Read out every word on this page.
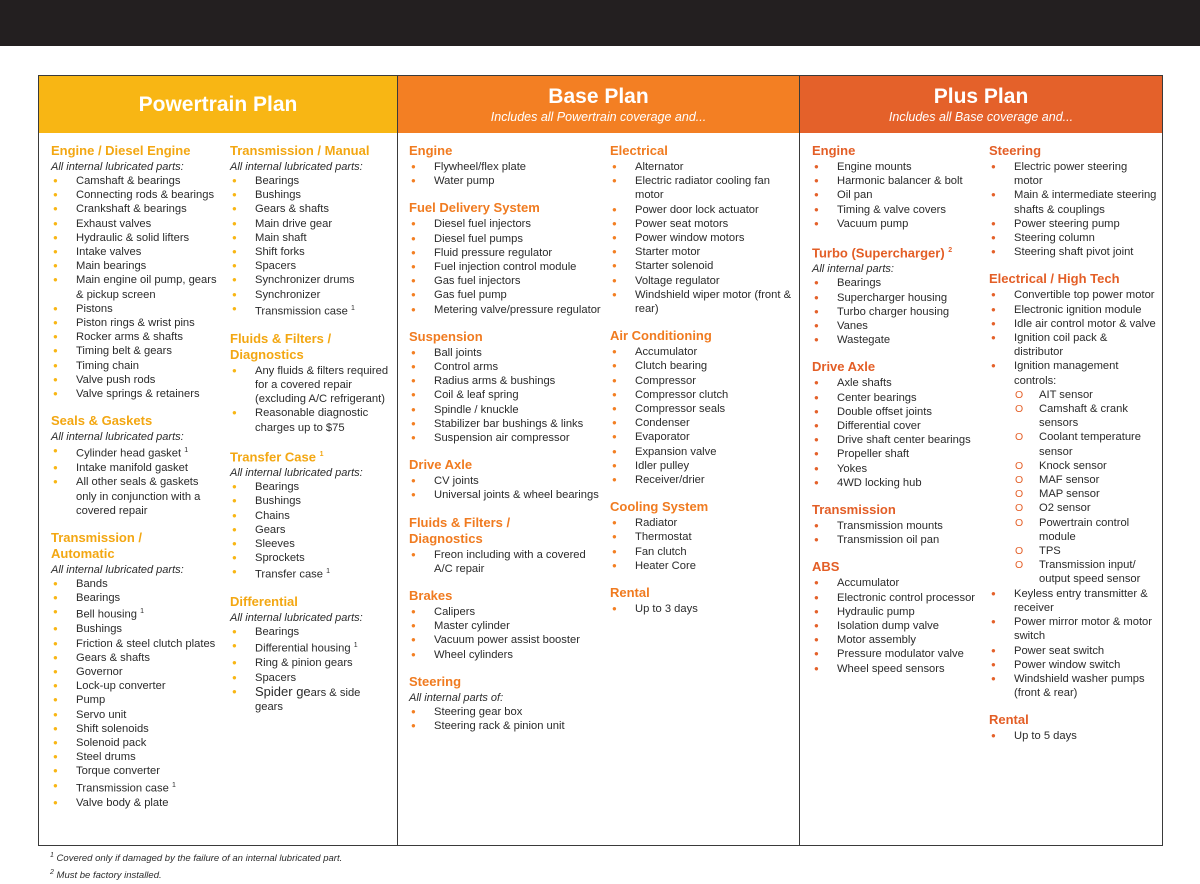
Powertrain Plan
Engine / Diesel Engine
All internal lubricated parts:
● Camshaft & bearings
● Connecting rods & bearings
● Crankshaft & bearings
● Exhaust valves
● Hydraulic & solid lifters
● Intake valves
● Main bearings
● Main engine oil pump, gears & pickup screen
● Pistons
● Piston rings & wrist pins
● Rocker arms & shafts
● Timing belt & gears
● Timing chain
● Valve push rods
● Valve springs & retainers
Seals & Gaskets
All internal lubricated parts:
● Cylinder head gasket $^1$
● Intake manifold gasket
● All other seals & gaskets only in conjunction with a covered repair
Transmission /
Automatic
All internal lubricated parts:
● Bands
● Bearings
● Bell housing $^1$
● Bushings
● Friction & steel clutch plates
● Gears & shafts
● Governor
● Lock-up converter
● Pump
● Servo unit
● Shift solenoids
● Solenoid pack
● Steel drums
● Torque converter
● Transmission case $^1$
● Valve body & plate
Transmission / Manual
All internal lubricated parts:
● Bearings
● Bushings
● Gears & shafts
● Main drive gear
● Main shaft
● Shift forks
● Spacers
● Synchronizer drums
● Synchronizer
● Transmission case $^1$
Fluids & Filters /
Diagnostics
● Any fluids & filters required for a covered repair (excluding A/C refrigerant)
● Reasonable diagnostic charges up to $75
Transfer Case $^1$
All internal lubricated parts:
● Bearings
● Bushings
● Chains
● Gears
● Sleeves
● Sprockets
● Transfer case $^1$
Differential
All internal lubricated parts:
● Bearings
● Differential housing $^1$
● Ring & pinion gears
● Spacers
● Spider gears & side gears
Base Plan
Includes all Powertrain coverage and...
Engine
● Flywheel/flex plate
● Water pump
Fuel Delivery System
● Diesel fuel injectors
● Diesel fuel pumps
● Fluid pressure regulator
● Fuel injection control module
● Gas fuel injectors
● Gas fuel pump
● Metering valve/pressure regulator
Suspension
● Ball joints
● Control arms
● Radius arms & bushings
● Coil & leaf spring
● Spindle / knuckle
● Stabilizer bar bushings & links
● Suspension air compressor
Drive Axle
● CV joints
● Universal joints & wheel bearings
Fluids & Filters /
Diagnostics
● Freon including with a covered A/C repair
Brakes
● Calipers
● Master cylinder
● Vacuum power assist booster
● Wheel cylinders
Steering
All internal parts of:
● Steering gear box
● Steering rack & pinion unit
Electrical
● Alternator
● Electric radiator cooling fan motor
● Power door lock actuator
● Power seat motors
● Power window motors
● Starter motor
● Starter solenoid
● Voltage regulator
● Windshield wiper motor (front & rear)
Air Conditioning
● Accumulator
● Clutch bearing
● Compressor
● Compressor clutch
● Compressor seals
● Condenser
● Evaporator
● Expansion valve
● Idler pulley
● Receiver/drier
Cooling System
● Radiator
● Thermostat
● Fan clutch
● Heater Core
Rental
● Up to 3 days
Plus Plan
Includes all Base coverage and...
Engine
● Engine mounts
● Harmonic balancer & bolt
● Oil pan
● Timing & valve covers
● Vacuum pump
Turbo (Supercharger) $^2$
All internal parts:
● Bearings
● Supercharger housing
● Turbo charger housing
● Vanes
● Wastegate
Drive Axle
● Axle shafts
● Center bearings
● Double offset joints
● Differential cover
● Drive shaft center bearings
● Propeller shaft
● Yokes
● 4WD locking hub
Transmission
● Transmission mounts
● Transmission oil pan
ABS
● Accumulator
● Electronic control processor
● Hydraulic pump
● Isolation dump valve
● Motor assembly
● Pressure modulator valve
● Wheel speed sensors
Steering
● Electric power steering motor
● Main & intermediate steering shafts & couplings
● Power steering pump
● Steering column
● Steering shaft pivot joint
Electrical / High Tech
● Convertible top power motor
● Electronic ignition module
● Idle air control motor & valve
● Ignition coil pack & distributor
● Ignition management controls:
O AIT sensor
O Camshaft & crank sensors
O Coolant temperature sensor
O Knock sensor
O MAF sensor
O MAP sensor
O O2 sensor
O Powertrain control module
O TPS
O Transmission input/ output speed sensor
● Keyless entry transmitter & receiver
● Power mirror motor & motor switch
● Power seat switch
● Power window switch
● Windshield washer pumps (front & rear)
Rental
● Up to 5 days
$^1$ Covered only if damaged by the failure of an internal lubricated part.
$^2$ Must be factory installed.
